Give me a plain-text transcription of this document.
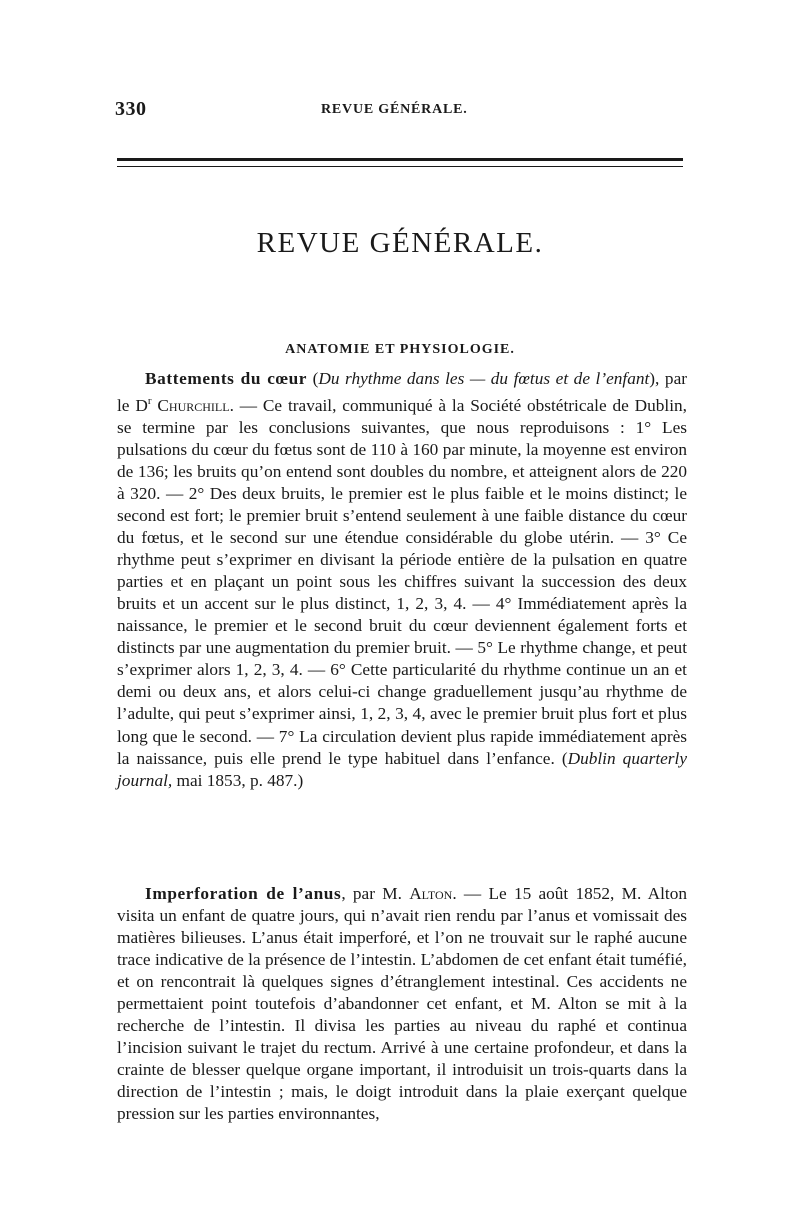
330	REVUE GÉNÉRALE.
REVUE GÉNÉRALE.
ANATOMIE ET PHYSIOLOGIE.

Battements du cœur (Du rhythme dans les — du fœtus et de l’enfant), par le $D^r$ Churchill. — Ce travail, communiqué à la Société obstétricale de Dublin, se termine par les conclusions suivantes, que nous reproduisons : 1° Les pulsations du cœur du fœtus sont de 110 à 160 par minute, la moyenne est environ de 136; les bruits qu’on entend sont doubles du nombre, et atteignent alors de 220 à 320. — 2° Des deux bruits, le premier est le plus faible et le moins distinct; le second est fort; le premier bruit s’entend seulement à une faible distance du cœur du fœtus, et le second sur une étendue considérable du globe utérin. — 3° Ce rhythme peut s’exprimer en divisant la période entière de la pulsation en quatre parties et en plaçant un point sous les chiffres suivant la succession des deux bruits et un accent sur le plus distinct, 1, 2, 3, 4. — 4° Immédiatement après la naissance, le premier et le second bruit du cœur deviennent également forts et distincts par une augmentation du premier bruit. — 5° Le rhythme change, et peut s’exprimer alors 1, 2, 3, 4. — 6° Cette particularité du rhythme continue un an et demi ou deux ans, et alors celui-ci change graduellement jusqu’au rhythme de l’adulte, qui peut s’exprimer ainsi, 1, 2, 3, 4, avec le premier bruit plus fort et plus long que le second. — 7° La circulation devient plus rapide immédiatement après la naissance, puis elle prend le type habituel dans l’enfance. (Dublin quarterly journal, mai 1853, p. 487.)

Imperforation de l’anus, par M. Alton. — Le 15 août 1852, M. Alton visita un enfant de quatre jours, qui n’avait rien rendu par l’anus et vomissait des matières bilieuses. L’anus était imperforé, et l’on ne trouvait sur le raphé aucune trace indicative de la présence de l’intestin. L’abdomen de cet enfant était tuméfié, et on rencontrait là quelques signes d’étranglement intestinal. Ces accidents ne permettaient point toutefois d’abandonner cet enfant, et M. Alton se mit à la recherche de l’intestin. Il divisa les parties au niveau du raphé et continua l’incision suivant le trajet du rectum. Arrivé à une certaine profondeur, et dans la crainte de blesser quelque organe important, il introduisit un trois-quarts dans la direction de l’intestin ; mais, le doigt introduit dans la plaie exerçant quelque pression sur les parties environnantes,
